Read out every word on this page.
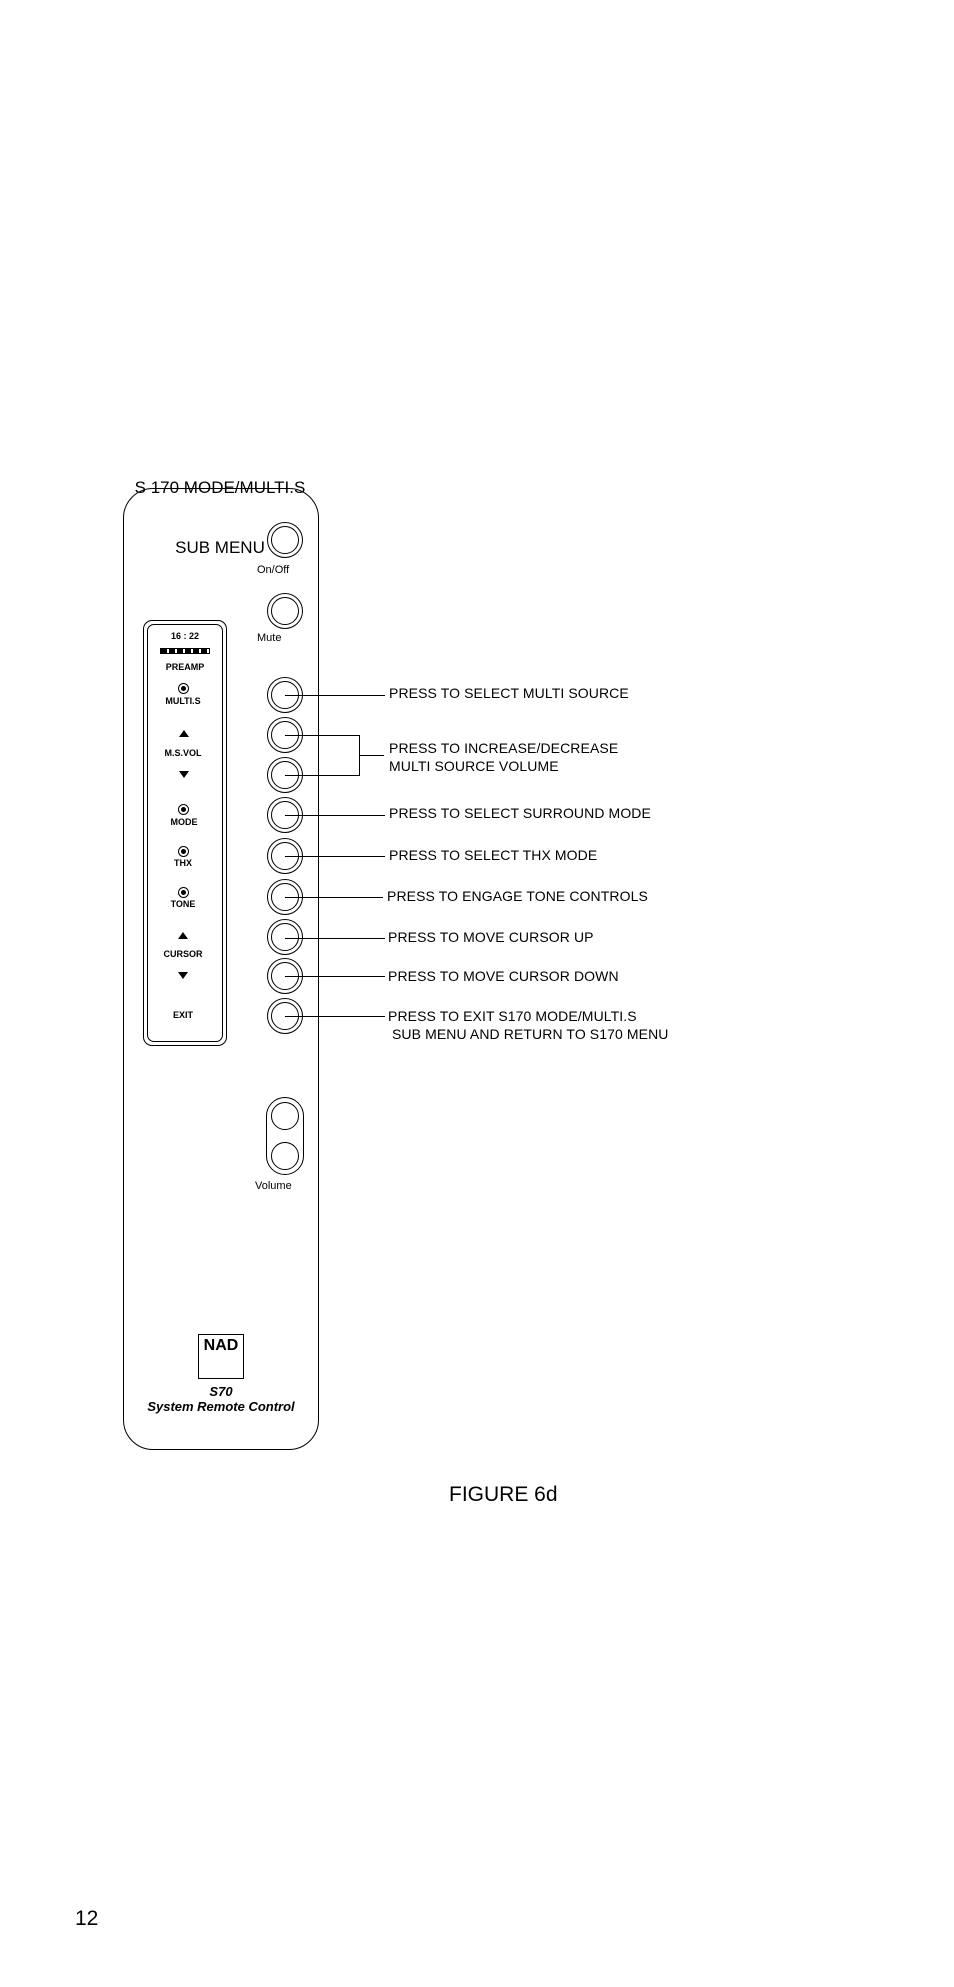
S 170 MODE/MULTI.S

SUB MENU

16 : 22
PREAMP
MULTI.S
M.S.VOL
MODE
THX
TONE
CURSOR
EXIT
On/Off
Mute
PRESS TO SELECT MULTI SOURCE
PRESS TO INCREASE/DECREASE
MULTI SOURCE VOLUME
PRESS TO SELECT SURROUND MODE
PRESS TO SELECT THX MODE
PRESS TO ENGAGE TONE CONTROLS
PRESS TO MOVE CURSOR UP
PRESS TO MOVE CURSOR DOWN
PRESS TO EXIT S170 MODE/MULTI.S
SUB MENU AND RETURN TO S170 MENU
Volume
NAD
S70
System Remote Control
FIGURE 6d
12
